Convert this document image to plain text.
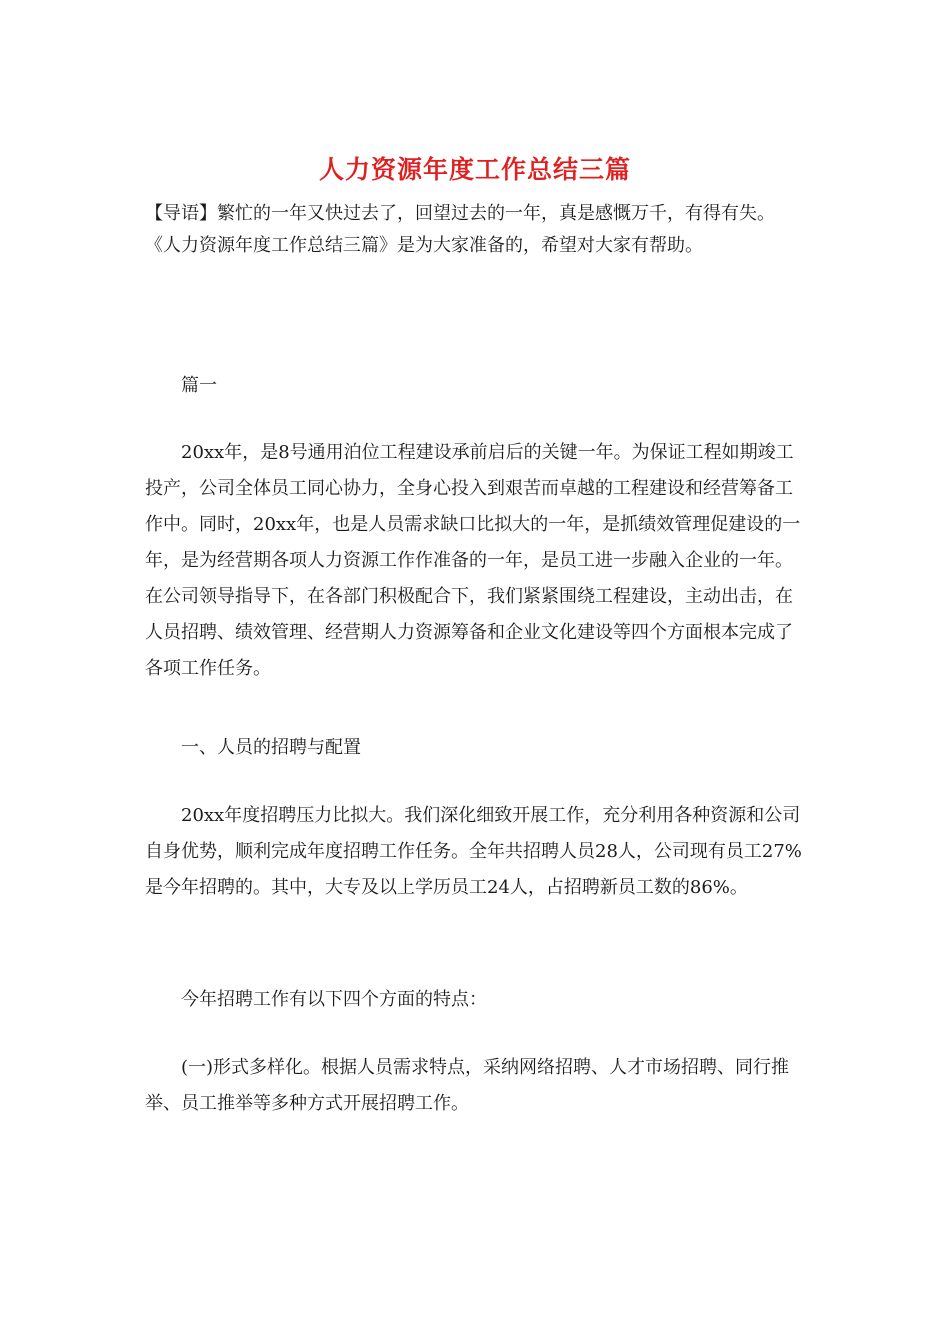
人力资源年度工作总结三篇

【导语】繁忙的一年又快过去了，回望过去的一年，真是感慨万千，有得有失。

《人力资源年度工作总结三篇》是为大家准备的，希望对大家有帮助。

篇一

20xx年，是8号通用泊位工程建设承前启后的关键一年。为保证工程如期竣工投产，公司全体员工同心协力，全身心投入到艰苦而卓越的工程建设和经营筹备工作中。同时，20xx年，也是人员需求缺口比拟大的一年，是抓绩效管理促建设的一年，是为经营期各项人力资源工作作准备的一年，是员工进一步融入企业的一年。在公司领导指导下，在各部门积极配合下，我们紧紧围绕工程建设，主动出击，在人员招聘、绩效管理、经营期人力资源筹备和企业文化建设等四个方面根本完成了各项工作任务。

一、人员的招聘与配置

20xx年度招聘压力比拟大。我们深化细致开展工作，充分利用各种资源和公司自身优势，顺利完成年度招聘工作任务。全年共招聘人员28人，公司现有员工27%是今年招聘的。其中，大专及以上学历员工24人，占招聘新员工数的86%。

今年招聘工作有以下四个方面的特点：

(一)形式多样化。根据人员需求特点，采纳网络招聘、人才市场招聘、同行推举、员工推举等多种方式开展招聘工作。
